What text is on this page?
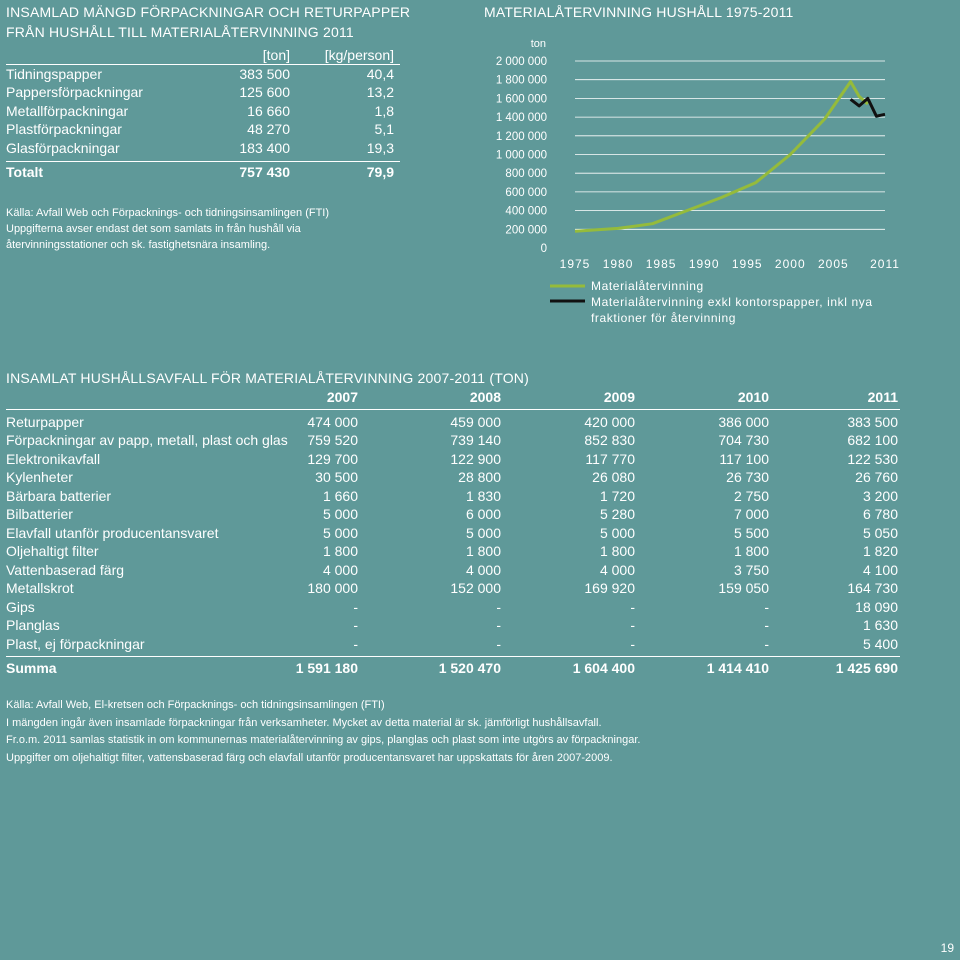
INSAMLAD MÄNGD FÖRPACKNINGAR OCH RETURPAPPER
FRÅN HUSHÅLL TILL MATERIALÅTERVINNING 2011
[ton] [kg/person]
Tidningspapper	383 500	40,4
Pappersförpackningar	125 600	13,2
Metallförpackningar	16 660	1,8
Plastförpackningar	48 270	5,1
Glasförpackningar	183 400	19,3
Totalt	757 430	79,9
Källa: Avfall Web och Förpacknings- och tidningsinsamlingen (FTI)
Uppgifterna avser endast det som samlats in från hushåll via
återvinningsstationer och sk. fastighetsnära insamling.
MATERIALÅTERVINNING HUSHÅLL 1975-2011
ton
0
200 000
400 000
600 000
800 000
1 000 000
1 200 000
1 400 000
1 600 000
1 800 000
2 000 000
1975 1980 1985 1990 1995 2000 2005 2011
Materialåtervinning
Materialåtervinning exkl kontorspapper, inkl nya
fraktioner för återvinning
INSAMLAT HUSHÅLLSAVFALL FÖR MATERIALÅTERVINNING 2007-2011 (TON)
2007	2008	2009	2010	2011
Returpapper	474 000	459 000	420 000	386 000	383 500
Förpackningar av papp, metall, plast och glas	759 520	739 140	852 830	704 730	682 100
Elektronikavfall	129 700	122 900	117 770	117 100	122 530
Kylenheter	30 500	28 800	26 080	26 730	26 760
Bärbara batterier	1 660	1 830	1 720	2 750	3 200
Bilbatterier	5 000	6 000	5 280	7 000	6 780
Elavfall utanför producentansvaret	5 000	5 000	5 000	5 500	5 050
Oljehaltigt filter	1 800	1 800	1 800	1 800	1 820
Vattenbaserad färg	4 000	4 000	4 000	3 750	4 100
Metallskrot	180 000	152 000	169 920	159 050	164 730
Gips	-	-	-	-	18 090
Planglas	-	-	-	-	1 630
Plast, ej förpackningar	-	-	-	-	5 400
Summa	1 591 180	1 520 470	1 604 400	1 414 410	1 425 690
Källa: Avfall Web, El-kretsen och Förpacknings- och tidningsinsamlingen (FTI)
I mängden ingår även insamlade förpackningar från verksamheter. Mycket av detta material är sk. jämförligt hushållsavfall.
Fr.o.m. 2011 samlas statistik in om kommunernas materialåtervinning av gips, planglas och plast som inte utgörs av förpackningar.
Uppgifter om oljehaltigt filter, vattensbaserad färg och elavfall utanför producentansvaret har uppskattats för åren 2007-2009.
19
